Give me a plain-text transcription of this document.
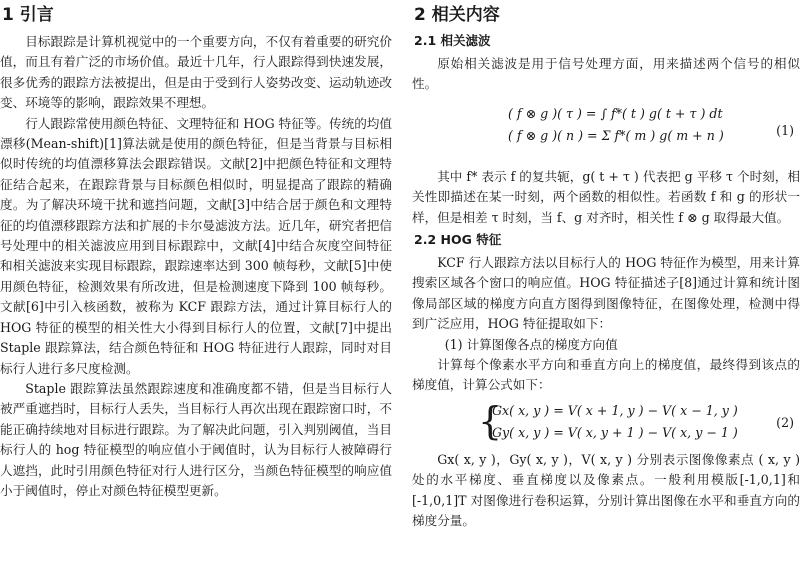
1 引言

目标跟踪是计算机视觉中的一个重要方向，不仅有着重要的研究价值，而且有着广泛的市场价值。最近十几年，行人跟踪得到快速发展，很多优秀的跟踪方法被提出，但是由于受到行人姿势改变、运动轨迹改变、环境等的影响，跟踪效果不理想。

行人跟踪常使用颜色特征、文理特征和 HOG 特征等。传统的均值漂移(Mean-shift)[1]算法就是使用的颜色特征，但是当背景与目标相似时传统的均值漂移算法会跟踪错误。文献[2]中把颜色特征和文理特征结合起来，在跟踪背景与目标颜色相似时，明显提高了跟踪的精确度。为了解决环境干扰和遮挡问题，文献[3]中结合居于颜色和文理特征的均值漂移跟踪方法和扩展的卡尔曼滤波方法。近几年，研究者把信号处理中的相关滤波应用到目标跟踪中，文献[4]中结合灰度空间特征和相关滤波来实现目标跟踪，跟踪速率达到 300 帧每秒，文献[5]中使用颜色特征，检测效果有所改进，但是检测速度下降到 100 帧每秒。文献[6]中引入核函数，被称为 KCF 跟踪方法，通过计算目标行人的 HOG 特征的模型的相关性大小得到目标行人的位置，文献[7]中提出 Staple 跟踪算法，结合颜色特征和 HOG 特征进行人跟踪，同时对目标行人进行多尺度检测。

Staple 跟踪算法虽然跟踪速度和准确度都不错，但是当目标行人被严重遮挡时，目标行人丢失，当目标行人再次出现在跟踪窗口时，不能正确持续地对目标进行跟踪。为了解决此问题，引入判别阈值，当目标行人的 hog 特征模型的响应值小于阈值时，认为目标行人被障碍行人遮挡，此时引用颜色特征对行人进行区分，当颜色特征模型的响应值小于阈值时，停止对颜色特征模型更新。

2 相关内容
2.1 相关滤波

原始相关滤波是用于信号处理方面，用来描述两个信号的相似性。

( f ⊗ g )( τ ) = ∫ f*( t ) g( t + τ ) dt
( f ⊗ g )( n ) = Σ f*( m ) g( m + n )	(1)

其中 f* 表示 f 的复共轭，g( t + τ ) 代表把 g 平移 τ 个时刻，相关性即描述在某一时刻，两个函数的相似性。若函数 f 和 g 的形状一样，但是相差 τ 时刻，当 f、g 对齐时，相关性 f ⊗ g 取得最大值。

2.2 HOG 特征

KCF 行人跟踪方法以目标行人的 HOG 特征作为模型，用来计算搜索区域各个窗口的响应值。HOG 特征描述子[8]通过计算和统计图像局部区域的梯度方向直方图得到图像特征，在图像处理，检测中得到广泛应用，HOG 特征提取如下：

(1) 计算图像各点的梯度方向值

计算每个像素水平方向和垂直方向上的梯度值，最终得到该点的梯度值，计算公式如下：

{
Gx( x, y ) = V( x + 1, y ) − V( x − 1, y )
Gy( x, y ) = V( x, y + 1 ) − V( x, y − 1 )
(2)

Gx( x, y )，Gy( x, y )，V( x, y ) 分别表示图像像素点 ( x, y ) 处的水平梯度、垂直梯度以及像素点。一般利用模版[-1,0,1]和[-1,0,1]T 对图像进行卷积运算，分别计算出图像在水平和垂直方向的梯度分量。
